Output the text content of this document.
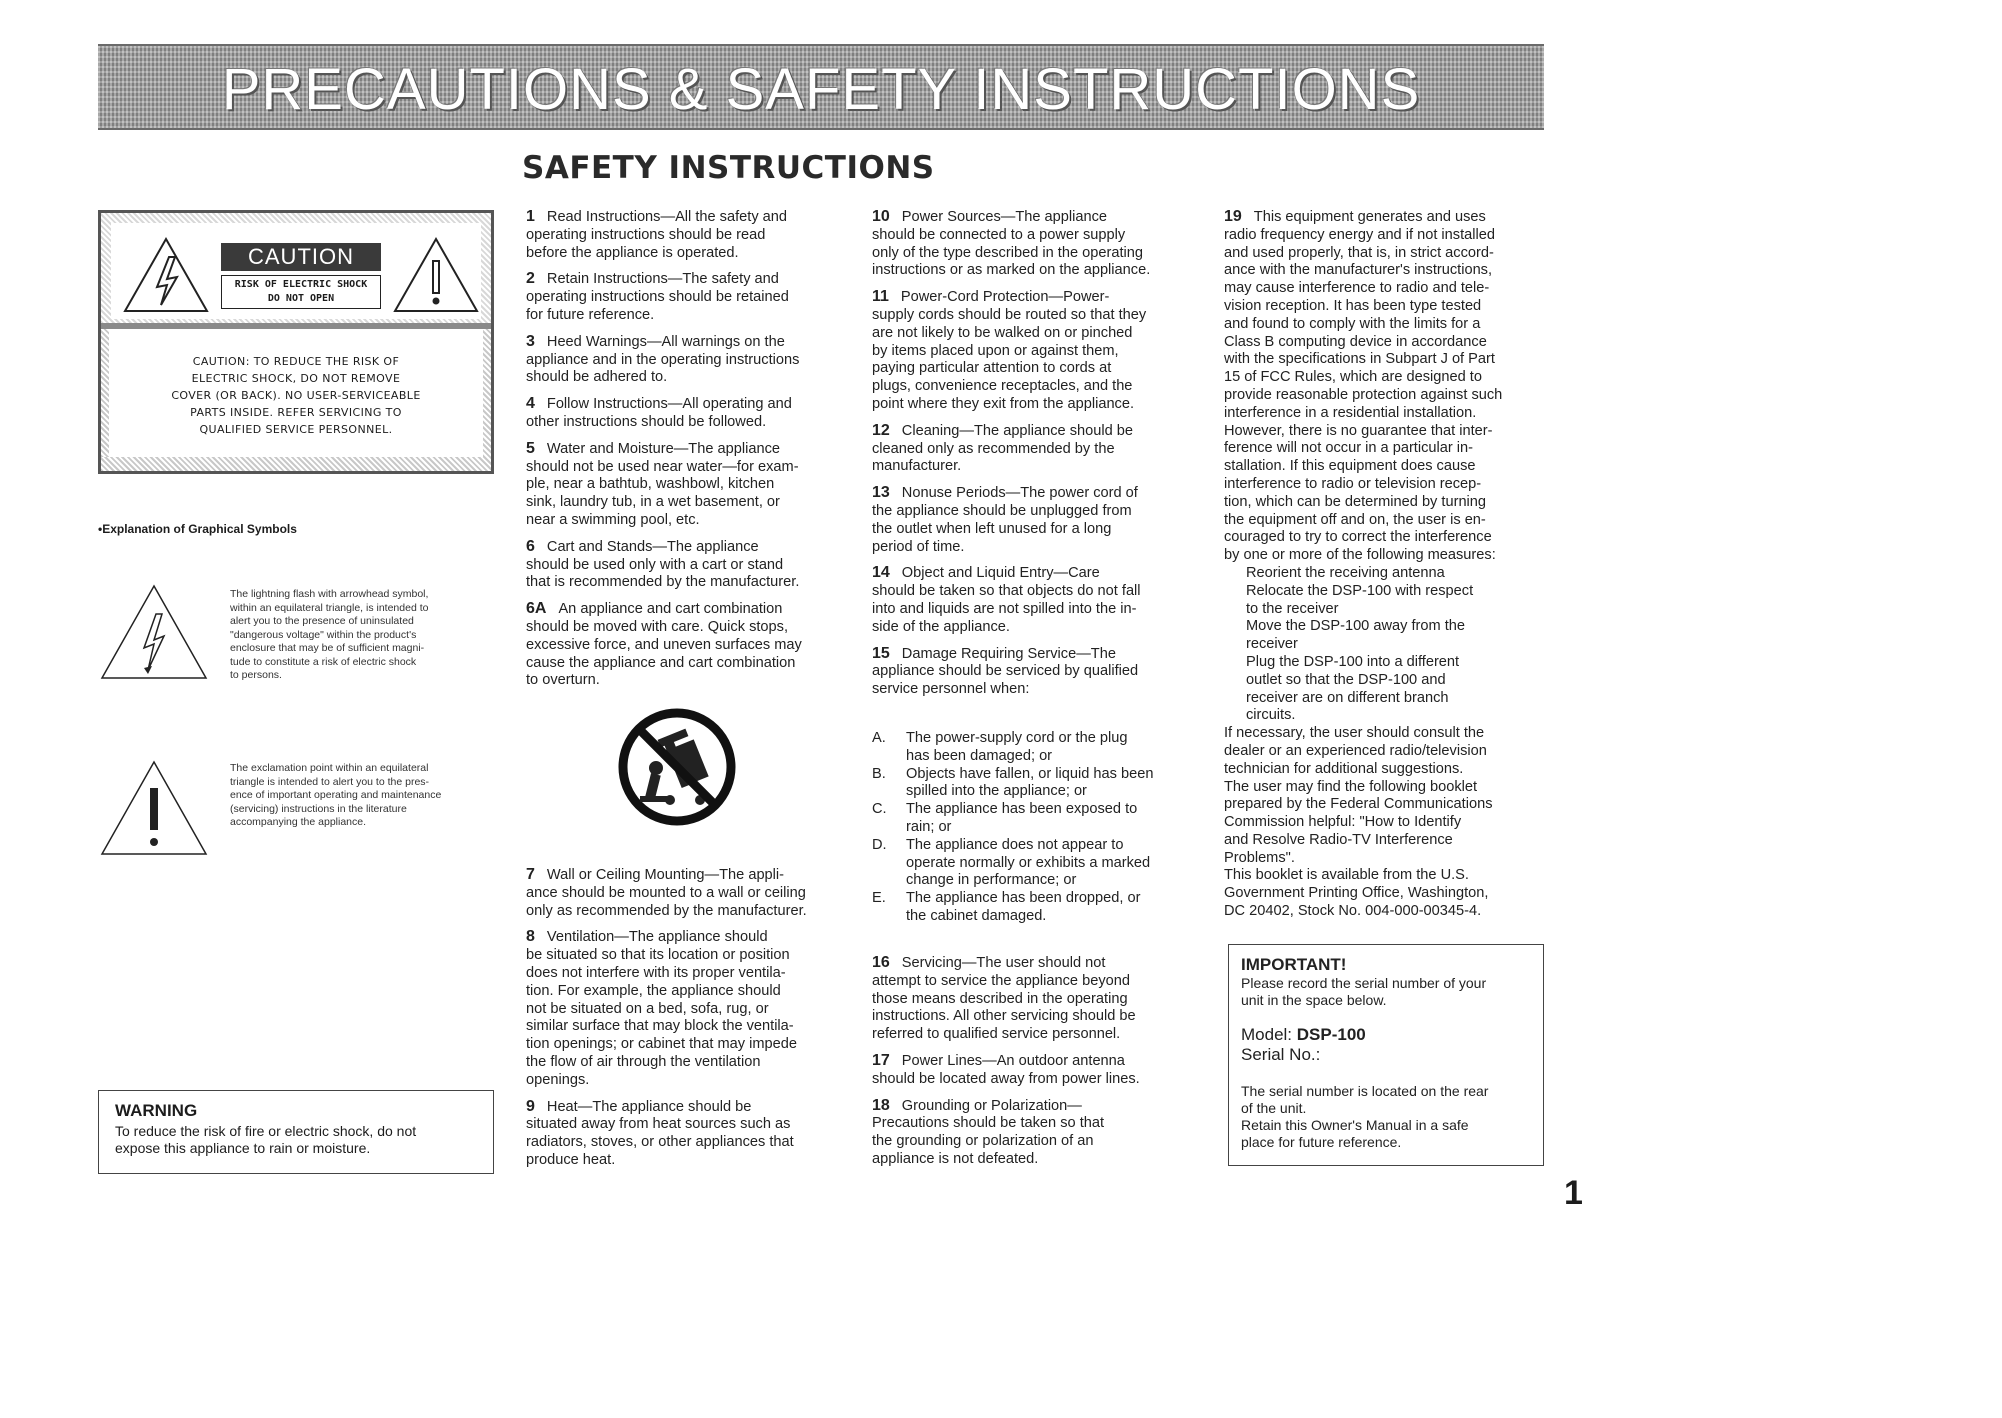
PRECAUTIONS & SAFETY INSTRUCTIONS
SAFETY INSTRUCTIONS
CAUTION
RISK OF ELECTRIC SHOCK
DO NOT OPEN
CAUTION: TO REDUCE THE RISK OF
ELECTRIC SHOCK, DO NOT REMOVE
COVER (OR BACK). NO USER-SERVICEABLE
PARTS INSIDE. REFER SERVICING TO
QUALIFIED SERVICE PERSONNEL.
•Explanation of Graphical Symbols
The lightning flash with arrowhead symbol,
within an equilateral triangle, is intended to
alert you to the presence of uninsulated
"dangerous voltage" within the product's
enclosure that may be of sufficient magni-
tude to constitute a risk of electric shock
to persons.
The exclamation point within an equilateral
triangle is intended to alert you to the pres-
ence of important operating and maintenance
(servicing) instructions in the literature
accompanying the appliance.
WARNING
To reduce the risk of fire or electric shock, do not
expose this appliance to rain or moisture.

1 Read Instructions—All the safety and
operating instructions should be read
before the appliance is operated.

2 Retain Instructions—The safety and
operating instructions should be retained
for future reference.

3 Heed Warnings—All warnings on the
appliance and in the operating instructions
should be adhered to.

4 Follow Instructions—All operating and
other instructions should be followed.

5 Water and Moisture—The appliance
should not be used near water—for exam-
ple, near a bathtub, washbowl, kitchen
sink, laundry tub, in a wet basement, or
near a swimming pool, etc.

6 Cart and Stands—The appliance
should be used only with a cart or stand
that is recommended by the manufacturer.

6A An appliance and cart combination
should be moved with care. Quick stops,
excessive force, and uneven surfaces may
cause the appliance and cart combination
to overturn.

7 Wall or Ceiling Mounting—The appli-
ance should be mounted to a wall or ceiling
only as recommended by the manufacturer.

8 Ventilation—The appliance should
be situated so that its location or position
does not interfere with its proper ventila-
tion. For example, the appliance should
not be situated on a bed, sofa, rug, or
similar surface that may block the ventila-
tion openings; or cabinet that may impede
the flow of air through the ventilation
openings.

9 Heat—The appliance should be
situated away from heat sources such as
radiators, stoves, or other appliances that
produce heat.

10 Power Sources—The appliance
should be connected to a power supply
only of the type described in the operating
instructions or as marked on the appliance.

11 Power-Cord Protection—Power-
supply cords should be routed so that they
are not likely to be walked on or pinched
by items placed upon or against them,
paying particular attention to cords at
plugs, convenience receptacles, and the
point where they exit from the appliance.

12 Cleaning—The appliance should be
cleaned only as recommended by the
manufacturer.

13 Nonuse Periods—The power cord of
the appliance should be unplugged from
the outlet when left unused for a long
period of time.

14 Object and Liquid Entry—Care
should be taken so that objects do not fall
into and liquids are not spilled into the in-
side of the appliance.

15 Damage Requiring Service—The
appliance should be serviced by qualified
service personnel when:

A.	The power-supply cord or the plug
has been damaged; or
B.	Objects have fallen, or liquid has been
spilled into the appliance; or
C.	The appliance has been exposed to
rain; or
D.	The appliance does not appear to
operate normally or exhibits a marked
change in performance; or
E.	The appliance has been dropped, or
the cabinet damaged.

16 Servicing—The user should not
attempt to service the appliance beyond
those means described in the operating
instructions. All other servicing should be
referred to qualified service personnel.

17 Power Lines—An outdoor antenna
should be located away from power lines.

18 Grounding or Polarization—
Precautions should be taken so that
the grounding or polarization of an
appliance is not defeated.

19 This equipment generates and uses
radio frequency energy and if not installed
and used properly, that is, in strict accord-
ance with the manufacturer's instructions,
may cause interference to radio and tele-
vision reception. It has been type tested
and found to comply with the limits for a
Class B computing device in accordance
with the specifications in Subpart J of Part
15 of FCC Rules, which are designed to
provide reasonable protection against such
interference in a residential installation.
However, there is no guarantee that inter-
ference will not occur in a particular in-
stallation. If this equipment does cause
interference to radio or television recep-
tion, which can be determined by turning
the equipment off and on, the user is en-
couraged to try to correct the interference
by one or more of the following measures:
Reorient the receiving antenna
Relocate the DSP-100 with respect
to the receiver
Move the DSP-100 away from the
receiver
Plug the DSP-100 into a different
outlet so that the DSP-100 and
receiver are on different branch
circuits.
If necessary, the user should consult the
dealer or an experienced radio/television
technician for additional suggestions.
The user may find the following booklet
prepared by the Federal Communications
Commission helpful: "How to Identify
and Resolve Radio-TV Interference
Problems".
This booklet is available from the U.S.
Government Printing Office, Washington,
DC 20402, Stock No. 004-000-00345-4.
IMPORTANT!
Please record the serial number of your
unit in the space below.
Model: DSP-100
Serial No.:
The serial number is located on the rear
of the unit.
Retain this Owner's Manual in a safe
place for future reference.
1
